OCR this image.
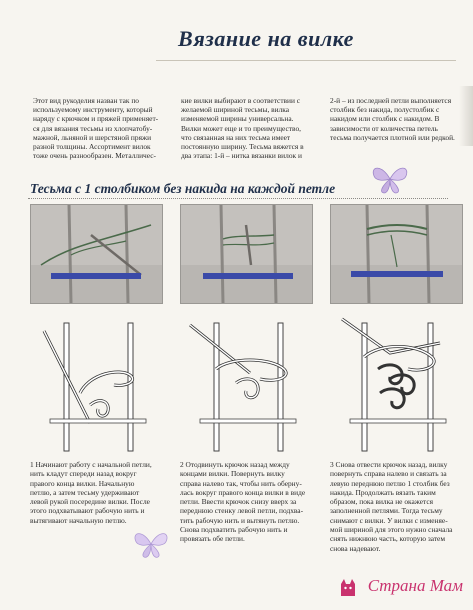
Вязание на вилке
Этот вид рукоделия назван так по
используемому инструменту, который
наряду с крючком и пряжей применяет-
ся для вязания тесьмы из хлопчатобу-
мажной, льняной и шерстяной пряжи
разной толщины. Ассортимент вилок
тоже очень разнообразен. Металличес-
кие вилки выбирают в соответствии с
желаемой шириной тесьмы, вилка
изменяемой ширины универсальна.
Вилки может еще и то преимущество,
что связанная на них тесьма имеет
постоянную ширину. Тесьма вяжется в
два этапа: 1-й – нитка вязанки вилок и
2-й – из последней петли выполняется
столбик без накида, полустолбик с
накидом или столбик с накидом. В
зависимости от количества петель
тесьма получается плотной или редкой.
Тесьма с 1 столбиком без накида на каждой петле
1 Начинают работу с начальной петли,
нить кладут спереди назад вокруг
правого конца вилки. Начальную
петлю, а затем тесьму удерживают
левой рукой посередине вилки. После
этого подхватывают рабочую нить и
вытягивают начальную петлю.
2 Отодвинуть крючок назад между
концами вилки. Повернуть вилку
справа налево так, чтобы нить оберну-
лась вокруг правого конца вилки в виде
петли. Ввести крючок снизу вверх за
переднюю стенку левой петли, подхва-
тить рабочую нить и вытянуть петлю.
Снова подхватить рабочую нить и
провязать обе петли.
3 Снова отвести крючок назад, вилку
повернуть справа налево и связать за
левую переднюю петлю 1 столбик без
накида. Продолжать вязать таким
образом, пока вилка не окажется
заполненной петлями. Тогда тесьму
снимают с вилки. У вилки с изменяе-
мой шириной для этого нужно сначала
снять нижнюю часть, которую затем
снова надевают.
Страна Мам
